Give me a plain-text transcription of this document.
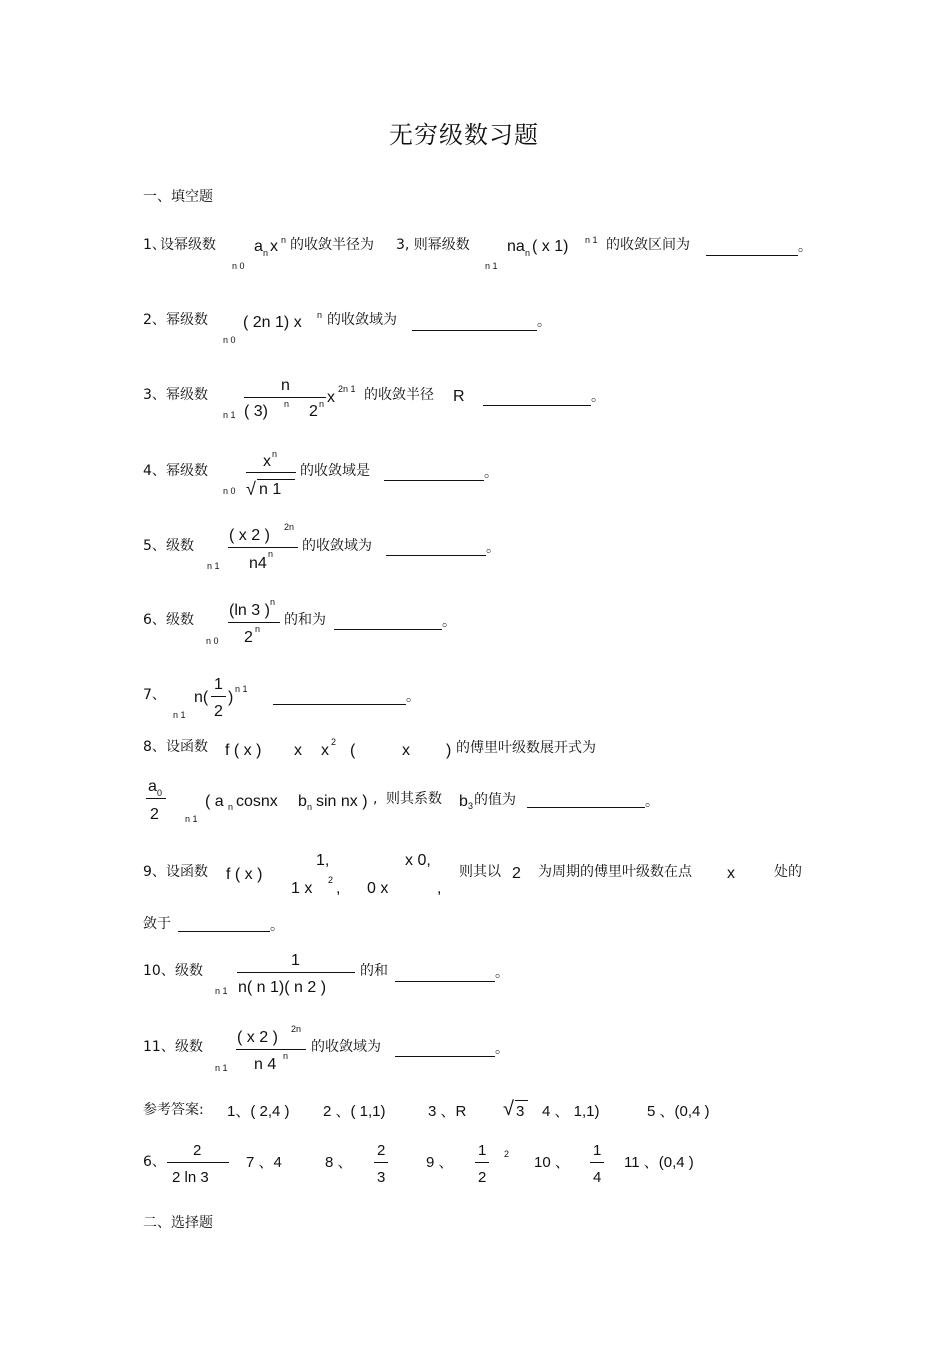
无穷级数习题
一、填空题
1、
设幂级数 a n x n
n 0
的收敛半径为 3, 则幂级数 na n ( x 1) n 1
n 1
的收敛区间为	。
2、 幂级数
n 0
( 2n 1) x n 的收敛域为	。
3、 幂级数
n 1
n
( 3) n 2 n x 2n 1 的收敛半径 R	。
4、 幂级数
n 0
x n
√ n 1
的收敛域是	。
5、 级数
n 1
( x 2 ) 2n
n4
n 的收敛域为	。
6、 级数
n 0
(ln 3 ) n
2 n
的和为	。
7、
n 1
n(
1
2
) n 1	。
8、 设函数 f ( x ) x x 2 (	x ) 的傅里叶级数展开式为
a 0
2	n 1
( a n cosnx b n sin nx ) , 则其系数 b 3 的值为	。
9、 设函数 f ( x )
1,	x 0,
1 x 2 , 0 x	,
则其以 2 为周期的傅里叶级数在点 x	处的
敛于	。
10、 级数
n 1
1
n( n 1)( n 2 )
的和	。
11、 级数
n 1
( x 2 ) 2n
n 4 n
的收敛域为	。
参考答案: 1、( 2,4 ) 2 、( 1,1)	3 、R √ 3 4 、 1,1)	5 、(0,4 )
6、
2
2 ln 3
7 、4	8 、
2
3
9 、
1
2
2 10 、
1
4
11 、(0,4 )
二、选择题
